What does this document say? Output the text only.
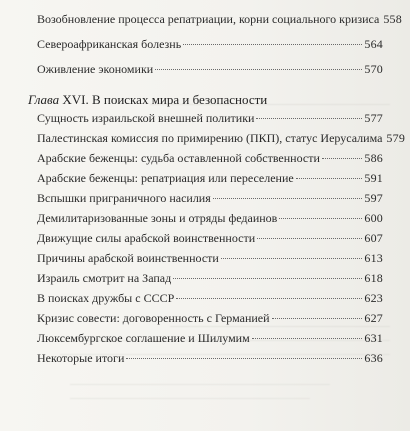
Возобновление процесса репатриации, корни социального кризиса 558
Североафриканская болезнь	564
Оживление экономики	570
Глава XVI. В поисках мира и безопасности
Сущность израильской внешней политики	577
Палестинская комиссия по примирению (ПКП), статус Иерусалима 579
Арабские беженцы: судьба оставленной собственности	586
Арабские беженцы: репатриация или переселение	591
Вспышки приграничного насилия	597
Демилитаризованные зоны и отряды федаинов	600
Движущие силы арабской воинственности	607
Причины арабской воинственности	613
Израиль смотрит на Запад	618
В поисках дружбы с СССР	623
Кризис совести: договоренность с Германией	627
Люксембургское соглашение и Шилумим	631
Некоторые итоги	636
